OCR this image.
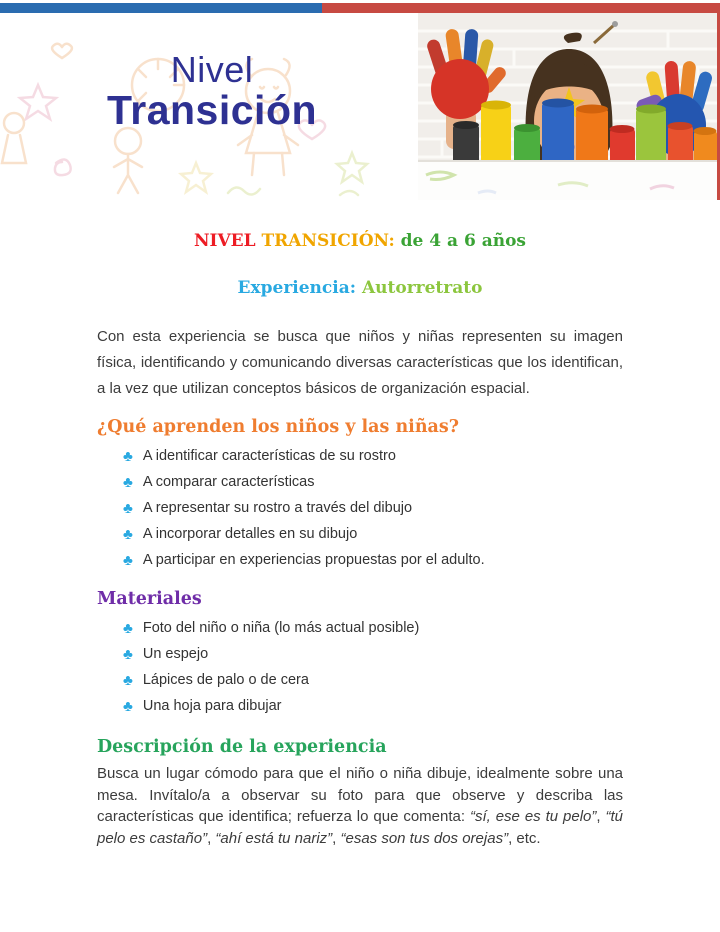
Nivel
Transición
NIVEL TRANSICIÓN: de 4 a 6 años
Experiencia: Autorretrato

Con esta experiencia se busca que niños y niñas representen su imagen física, identificando y comunicando diversas características que los identifican, a la vez que utilizan conceptos básicos de organización espacial.

¿Qué aprenden los niños y las niñas?
♣ A identificar características de su rostro
♣ A comparar características
♣ A representar su rostro a través del dibujo
♣ A incorporar detalles en su dibujo
♣ A participar en experiencias propuestas por el adulto.
Materiales
♣ Foto del niño o niña (lo más actual posible)
♣ Un espejo
♣ Lápices de palo o de cera
♣ Una hoja para dibujar
Descripción de la experiencia

Busca un lugar cómodo para que el niño o niña dibuje, idealmente sobre una mesa. Invítalo/a a observar su foto para que observe y describa las características que identifica; refuerza lo que comenta: “sí, ese es tu pelo”, “tú pelo es castaño”, “ahí está tu nariz”, “esas son tus dos orejas”, etc.
